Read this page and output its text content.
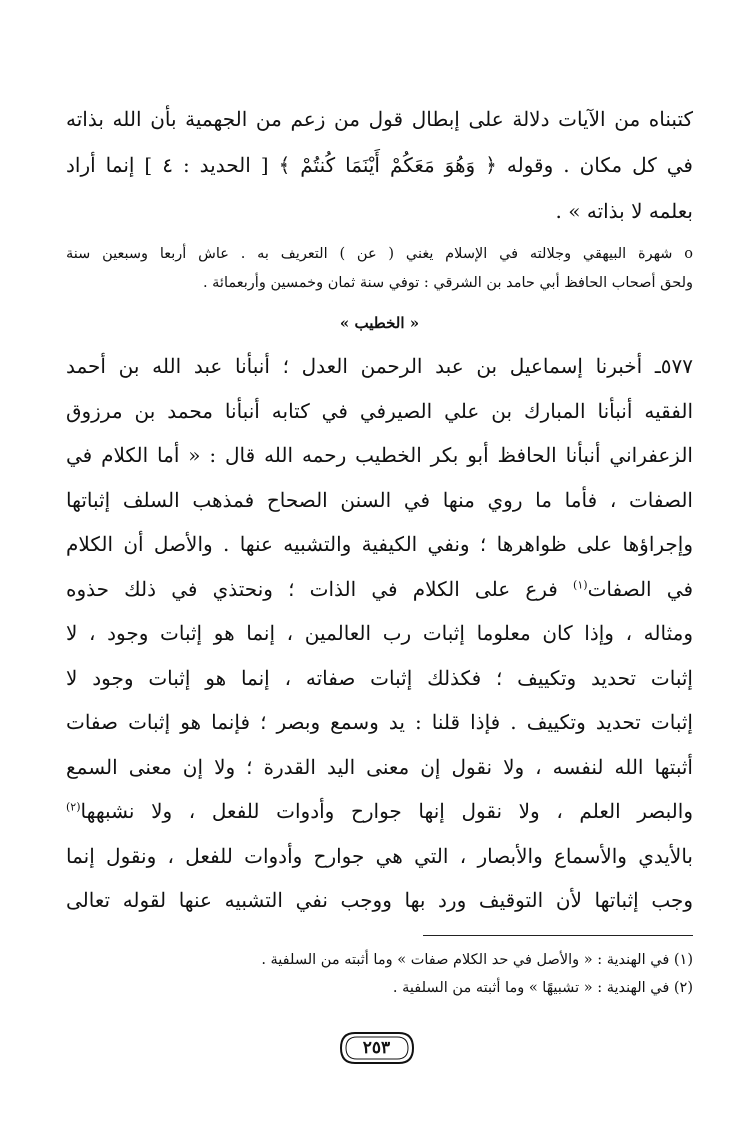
كتبناه من الآيات دلالة على إبطال قول من زعم من الجهمية بأن الله بذاته
في كل مكان . وقوله ﴿ وَهُوَ مَعَكُمْ أَيْنَمَا كُنتُمْ ﴾ [ الحديد : ٤ ] إنما أراد
بعلمه لا بذاته » .
o شهرة البيهقي وجلالته في الإسلام يغني ( عن ) التعريف به . عاش أربعا وسبعين سنة
ولحق أصحاب الحافظ أبي حامد بن الشرقي : توفي سنة ثمان وخمسين وأربعمائة .
« الخطيب »
٥٧٧ـ أخبرنا إسماعيل بن عبد الرحمن العدل ؛ أنبأنا عبد الله بن أحمد
الفقيه أنبأنا المبارك بن علي الصيرفي في كتابه أنبأنا محمد بن مرزوق
الزعفراني أنبأنا الحافظ أبو بكر الخطيب رحمه الله قال : « أما الكلام في
الصفات ، فأما ما روي منها في السنن الصحاح فمذهب السلف إثباتها
وإجراؤها على ظواهرها ؛ ونفي الكيفية والتشبيه عنها . والأصل أن الكلام
في الصفات$^{(١)}$ فرع على الكلام في الذات ؛ ونحتذي في ذلك حذوه
ومثاله ، وإذا كان معلوما إثبات رب العالمين ، إنما هو إثبات وجود ، لا
إثبات تحديد وتكييف ؛ فكذلك إثبات صفاته ، إنما هو إثبات وجود لا
إثبات تحديد وتكييف . فإذا قلنا : يد وسمع وبصر ؛ فإنما هو إثبات صفات
أثبتها الله لنفسه ، ولا نقول إن معنى اليد القدرة ؛ ولا إن معنى السمع
والبصر العلم ، ولا نقول إنها جوارح وأدوات للفعل ، ولا نشبهها$^{(٢)}$
بالأيدي والأسماع والأبصار ، التي هي جوارح وأدوات للفعل ، ونقول إنما
وجب إثباتها لأن التوقيف ورد بها ووجب نفي التشبيه عنها لقوله تعالى
(١) في الهندية : « والأصل في حد الكلام صفات » وما أثبته من السلفية .
(٢) في الهندية : « تشبيهًا » وما أثبته من السلفية .
٢٥٣
